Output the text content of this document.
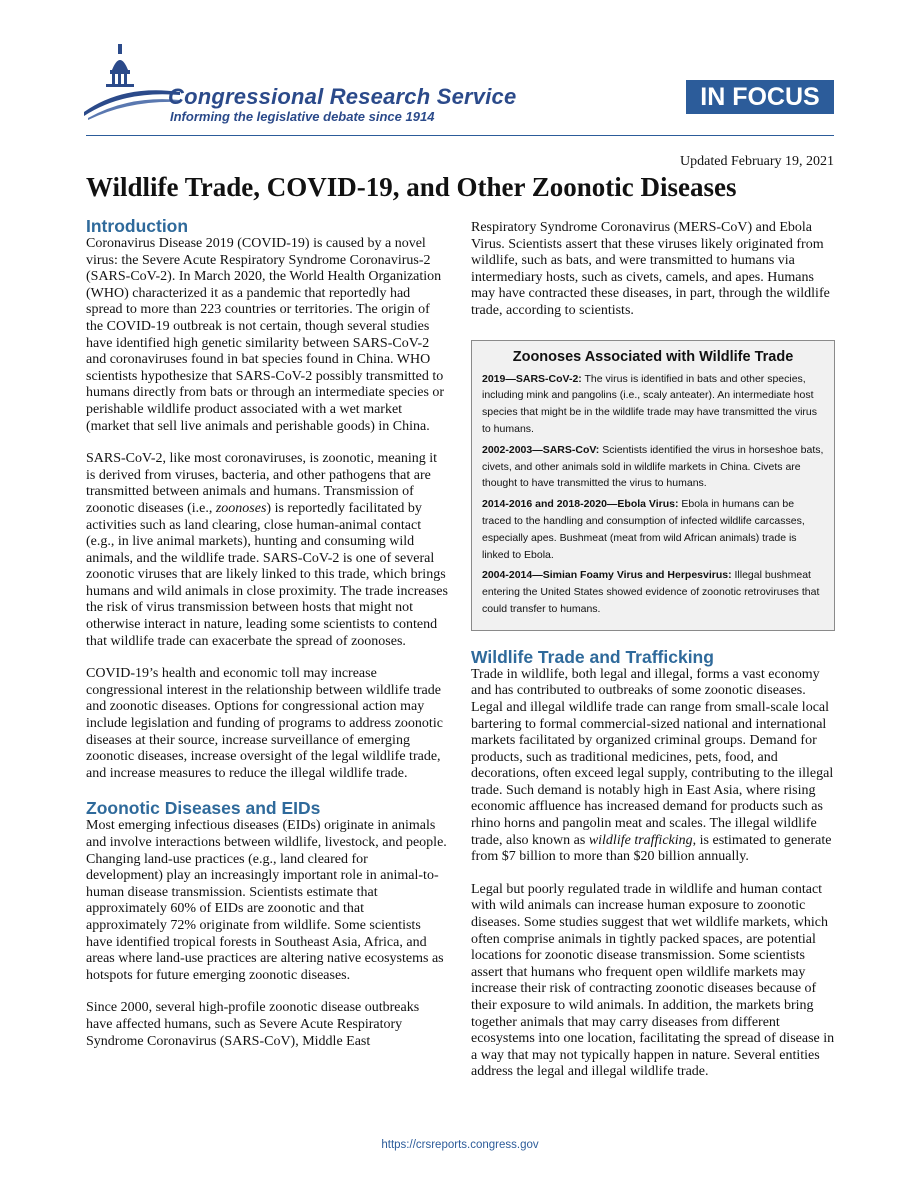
Congressional Research Service
Informing the legislative debate since 1914
IN FOCUS
Updated February 19, 2021
Wildlife Trade, COVID-19, and Other Zoonotic Diseases
Introduction

Coronavirus Disease 2019 (COVID-19) is caused by a novel virus: the Severe Acute Respiratory Syndrome Coronavirus-2 (SARS-CoV-2). In March 2020, the World Health Organization (WHO) characterized it as a pandemic that reportedly had spread to more than 223 countries or territories. The origin of the COVID-19 outbreak is not certain, though several studies have identified high genetic similarity between SARS-CoV-2 and coronaviruses found in bat species found in China. WHO scientists hypothesize that SARS-CoV-2 possibly transmitted to humans directly from bats or through an intermediate species or perishable wildlife product associated with a wet market (market that sell live animals and perishable goods) in China.

SARS-CoV-2, like most coronaviruses, is zoonotic, meaning it is derived from viruses, bacteria, and other pathogens that are transmitted between animals and humans. Transmission of zoonotic diseases (i.e., zoonoses) is reportedly facilitated by activities such as land clearing, close human-animal contact (e.g., in live animal markets), hunting and consuming wild animals, and the wildlife trade. SARS-CoV-2 is one of several zoonotic viruses that are likely linked to this trade, which brings humans and wild animals in close proximity. The trade increases the risk of virus transmission between hosts that might not otherwise interact in nature, leading some scientists to contend that wildlife trade can exacerbate the spread of zoonoses.

COVID-19’s health and economic toll may increase congressional interest in the relationship between wildlife trade and zoonotic diseases. Options for congressional action may include legislation and funding of programs to address zoonotic diseases at their source, increase surveillance of emerging zoonotic diseases, increase oversight of the legal wildlife trade, and increase measures to reduce the illegal wildlife trade.

Zoonotic Diseases and EIDs

Most emerging infectious diseases (EIDs) originate in animals and involve interactions between wildlife, livestock, and people. Changing land-use practices (e.g., land cleared for development) play an increasingly important role in animal-to-human disease transmission. Scientists estimate that approximately 60% of EIDs are zoonotic and that approximately 72% originate from wildlife. Some scientists have identified tropical forests in Southeast Asia, Africa, and areas where land-use practices are altering native ecosystems as hotspots for future emerging zoonotic diseases.

Since 2000, several high-profile zoonotic disease outbreaks have affected humans, such as Severe Acute Respiratory Syndrome Coronavirus (SARS-CoV), Middle East

Respiratory Syndrome Coronavirus (MERS-CoV) and Ebola Virus. Scientists assert that these viruses likely originated from wildlife, such as bats, and were transmitted to humans via intermediary hosts, such as civets, camels, and apes. Humans may have contracted these diseases, in part, through the wildlife trade, according to scientists.

Zoonoses Associated with Wildlife Trade
2019—SARS-CoV-2: The virus is identified in bats and other species, including mink and pangolins (i.e., scaly anteater). An intermediate host species that might be in the wildlife trade may have transmitted the virus to humans.
2002-2003—SARS-CoV: Scientists identified the virus in horseshoe bats, civets, and other animals sold in wildlife markets in China. Civets are thought to have transmitted the virus to humans.
2014-2016 and 2018-2020—Ebola Virus: Ebola in humans can be traced to the handling and consumption of infected wildlife carcasses, especially apes. Bushmeat (meat from wild African animals) trade is linked to Ebola.
2004-2014—Simian Foamy Virus and Herpesvirus: Illegal bushmeat entering the United States showed evidence of zoonotic retroviruses that could transfer to humans.
Wildlife Trade and Trafficking

Trade in wildlife, both legal and illegal, forms a vast economy and has contributed to outbreaks of some zoonotic diseases. Legal and illegal wildlife trade can range from small-scale local bartering to formal commercial-sized national and international markets facilitated by organized criminal groups. Demand for products, such as traditional medicines, pets, food, and decorations, often exceed legal supply, contributing to the illegal trade. Such demand is notably high in East Asia, where rising economic affluence has increased demand for products such as rhino horns and pangolin meat and scales. The illegal wildlife trade, also known as wildlife trafficking, is estimated to generate from $7 billion to more than $20 billion annually.

Legal but poorly regulated trade in wildlife and human contact with wild animals can increase human exposure to zoonotic diseases. Some studies suggest that wet wildlife markets, which often comprise animals in tightly packed spaces, are potential locations for zoonotic disease transmission. Some scientists assert that humans who frequent open wildlife markets may increase their risk of contracting zoonotic diseases because of their exposure to wild animals. In addition, the markets bring together animals that may carry diseases from different ecosystems into one location, facilitating the spread of disease in a way that may not typically happen in nature. Several entities address the legal and illegal wildlife trade.

https://crsreports.congress.gov
